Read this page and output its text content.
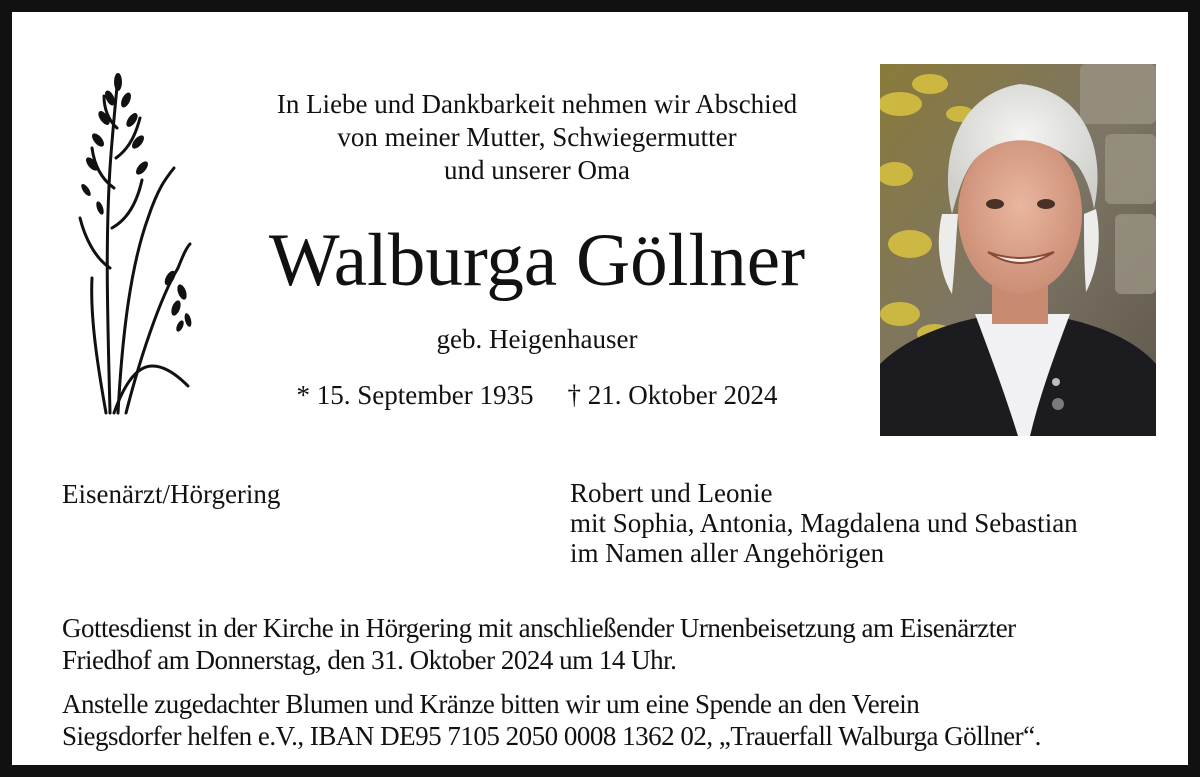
In Liebe und Dankbarkeit nehmen wir Abschied
von meiner Mutter, Schwiegermutter
und unserer Oma
Walburga Göllner
geb. Heigenhauser
* 15. September 1935 † 21. Oktober 2024
Eisenärzt/Hörgering	Robert und Leonie
mit Sophia, Antonia, Magdalena und Sebastian
im Namen aller Angehörigen
Gottesdienst in der Kirche in Hörgering mit anschließender Urnenbeisetzung am Eisenärzter
Friedhof am Donnerstag, den 31. Oktober 2024 um 14 Uhr.
Anstelle zugedachter Blumen und Kränze bitten wir um eine Spende an den Verein
Siegsdorfer helfen e.V., IBAN DE95 7105 2050 0008 1362 02, „Trauerfall Walburga Göllner“.
